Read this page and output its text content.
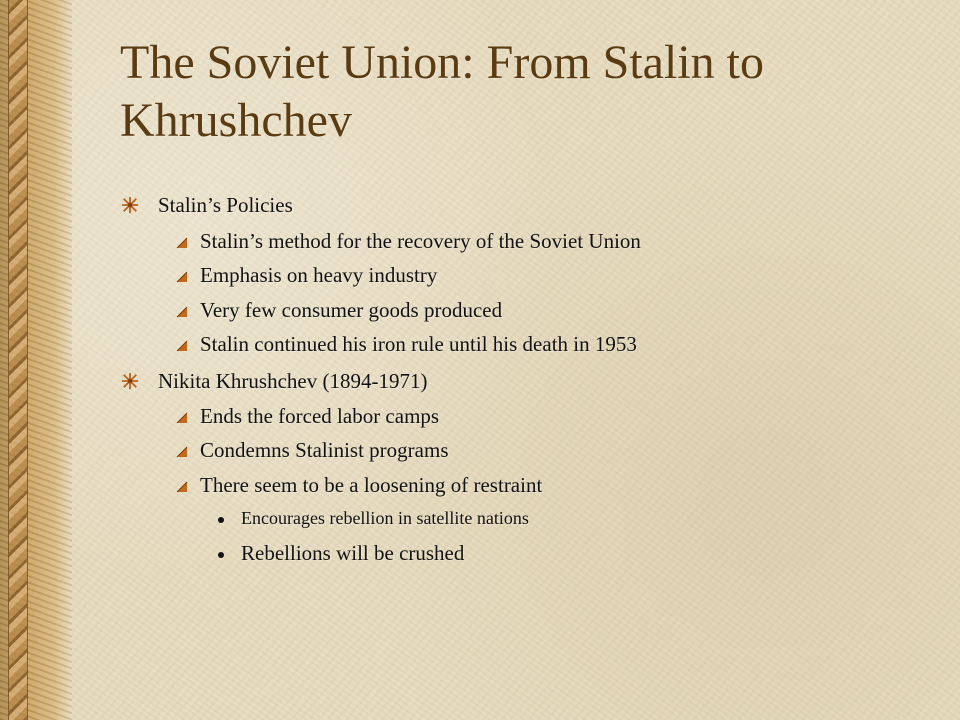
The Soviet Union: From Stalin to Khrushchev
Stalin’s Policies
Stalin’s method for the recovery of the Soviet Union
Emphasis on heavy industry
Very few consumer goods produced
Stalin continued his iron rule until his death in 1953
Nikita Khrushchev (1894-1971)
Ends the forced labor camps
Condemns Stalinist programs
There seem to be a loosening of restraint
Encourages rebellion in satellite nations
Rebellions will be crushed
